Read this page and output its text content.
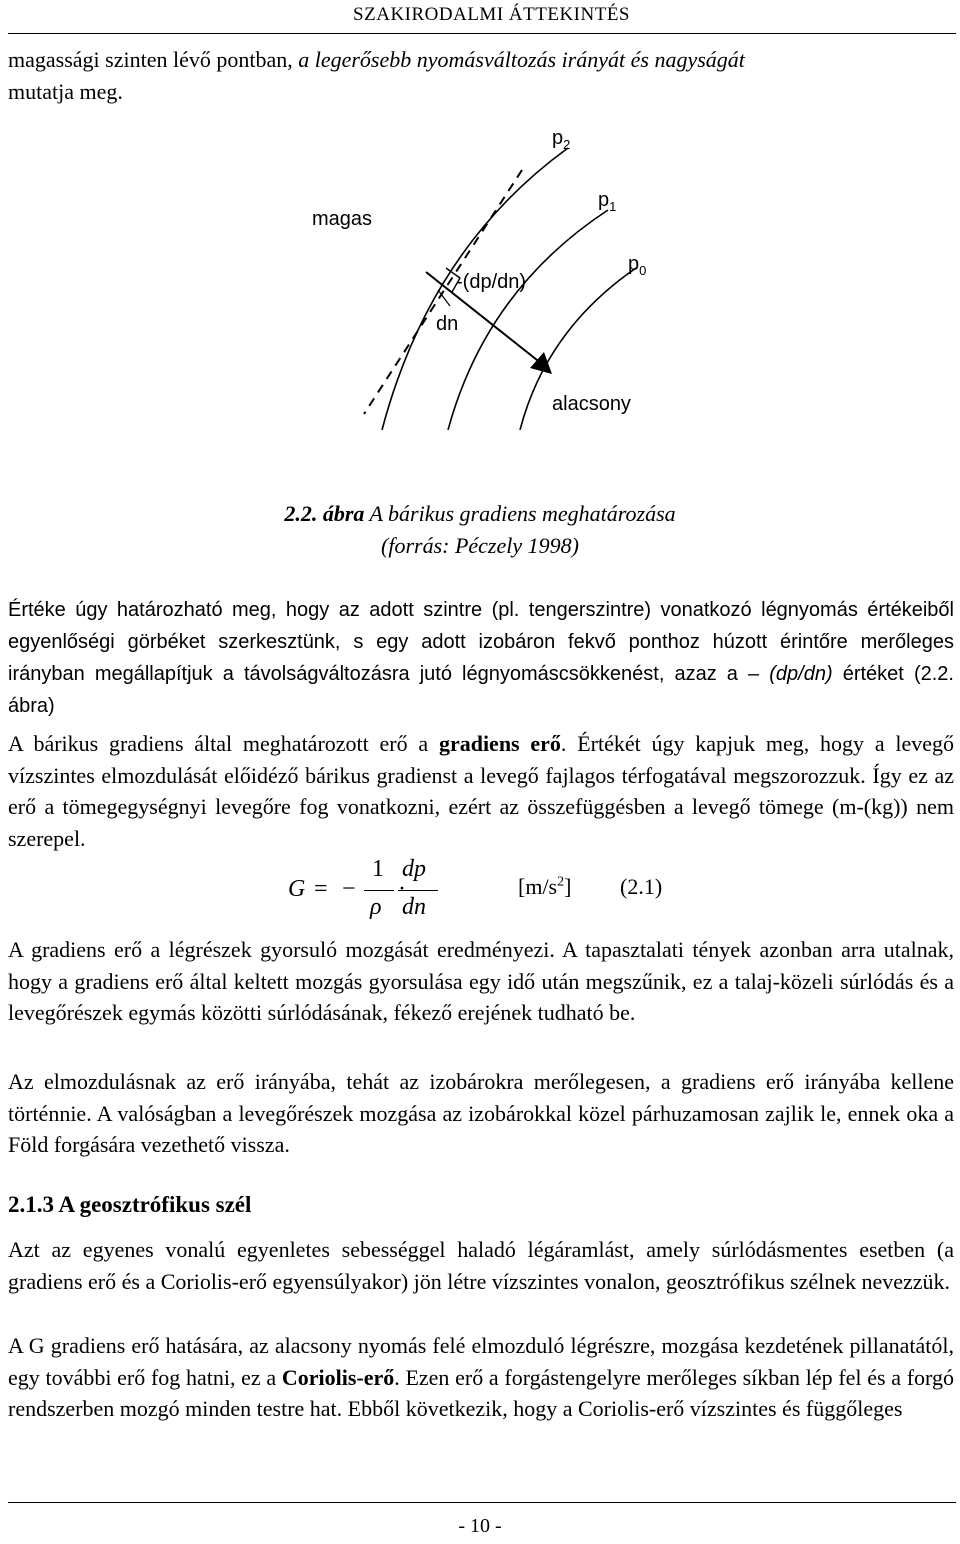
SZAKIRODALMI ÁTTEKINTÉS

magassági szinten lévő pontban, a legerősebb nyomásváltozás irányát és nagyságát
mutatja meg.

magas
$p_2$
$p_1$
$p_0$
-(dp/dn)
dn
alacsony
2.2. ábra A bárikus gradiens meghatározása
(forrás: Péczely 1998)

Értéke úgy határozható meg, hogy az adott szintre (pl. tengerszintre) vonatkozó légnyomás értékeiből egyenlőségi görbéket szerkesztünk, s egy adott izobáron fekvő ponthoz húzott érintőre merőleges irányban megállapítjuk a távolságváltozásra jutó légnyomáscsökkenést, azaz a – (dp/dn) értéket (2.2. ábra)

A bárikus gradiens által meghatározott erő a gradiens erő. Értékét úgy kapjuk meg, hogy a levegő vízszintes elmozdulását előidéző bárikus gradienst a levegő fajlagos térfogatával megszorozzuk. Így ez az erő a tömegegységnyi levegőre fog vonatkozni, ezért az összefüggésben a levegő tömege (m-(kg)) nem szerepel.

G = −
1
ρ
·
dp
dn
$[m/s^2]$ (2.1)

A gradiens erő a légrészek gyorsuló mozgását eredményezi. A tapasztalati tények azonban arra utalnak, hogy a gradiens erő által keltett mozgás gyorsulása egy idő után megszűnik, ez a talaj-közeli súrlódás és a levegőrészek egymás közötti súrlódásának, fékező erejének tudható be.

Az elmozdulásnak az erő irányába, tehát az izobárokra merőlegesen, a gradiens erő irányába kellene történnie. A valóságban a levegőrészek mozgása az izobárokkal közel párhuzamosan zajlik le, ennek oka a Föld forgására vezethető vissza.

2.1.3 A geosztrófikus szél

Azt az egyenes vonalú egyenletes sebességgel haladó légáramlást, amely súrlódásmentes esetben (a gradiens erő és a Coriolis-erő egyensúlyakor) jön létre vízszintes vonalon, geosztrófikus szélnek nevezzük.

A G gradiens erő hatására, az alacsony nyomás felé elmozduló légrészre, mozgása kezdetének pillanatától, egy további erő fog hatni, ez a Coriolis-erő. Ezen erő a forgástengelyre merőleges síkban lép fel és a forgó rendszerben mozgó minden testre hat. Ebből következik, hogy a Coriolis-erő vízszintes és függőleges

- 10 -
